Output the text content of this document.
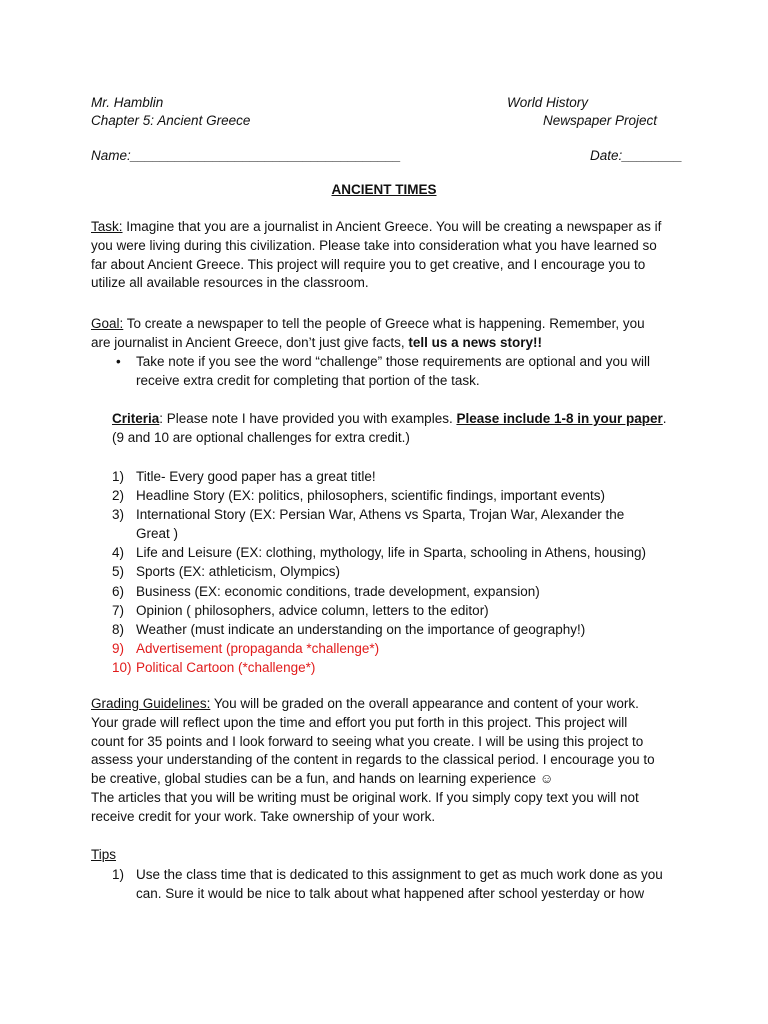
Mr. Hamblin
Chapter 5: Ancient Greece
World History
Newspaper Project
Name:____________________________________	Date:________
ANCIENT TIMES
Task: Imagine that you are a journalist in Ancient Greece. You will be creating a newspaper as if
you were living during this civilization. Please take into consideration what you have learned so
far about Ancient Greece. This project will require you to get creative, and I encourage you to
utilize all available resources in the classroom.
Goal: To create a newspaper to tell the people of Greece what is happening. Remember, you
are journalist in Ancient Greece, don’t just give facts, tell us a news story!!
• Take note if you see the word “challenge” those requirements are optional and you will
receive extra credit for completing that portion of the task.
Criteria: Please note I have provided you with examples. Please include 1-8 in your paper.
(9 and 10 are optional challenges for extra credit.)
1) Title- Every good paper has a great title!
2) Headline Story (EX: politics, philosophers, scientific findings, important events)
3) International Story (EX: Persian War, Athens vs Sparta, Trojan War, Alexander the
Great )
4) Life and Leisure (EX: clothing, mythology, life in Sparta, schooling in Athens, housing)
5) Sports (EX: athleticism, Olympics)
6) Business (EX: economic conditions, trade development, expansion)
7) Opinion ( philosophers, advice column, letters to the editor)
8) Weather (must indicate an understanding on the importance of geography!)
9) Advertisement (propaganda *challenge*)
10) Political Cartoon (*challenge*)
Grading Guidelines: You will be graded on the overall appearance and content of your work.
Your grade will reflect upon the time and effort you put forth in this project. This project will
count for 35 points and I look forward to seeing what you create. I will be using this project to
assess your understanding of the content in regards to the classical period. I encourage you to
be creative, global studies can be a fun, and hands on learning experience ☺
The articles that you will be writing must be original work. If you simply copy text you will not
receive credit for your work. Take ownership of your work.
Tips
1) Use the class time that is dedicated to this assignment to get as much work done as you
can. Sure it would be nice to talk about what happened after school yesterday or how
